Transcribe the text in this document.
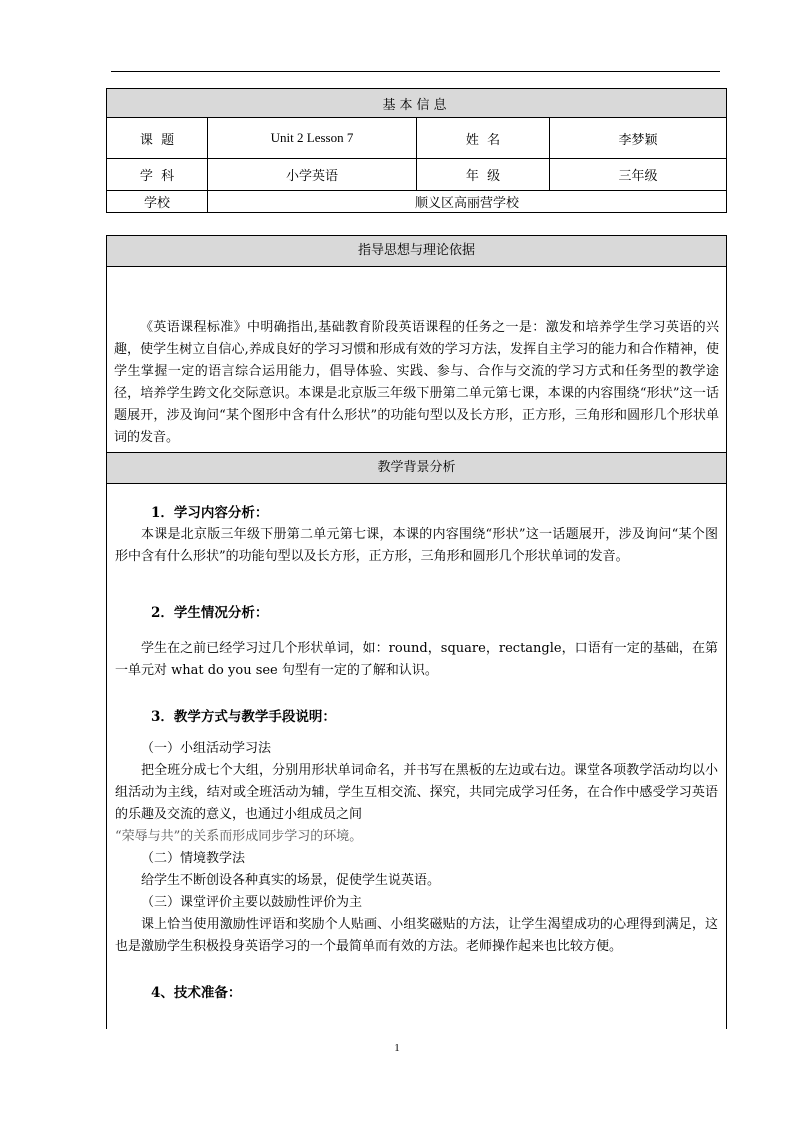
基本信息			
课  题	Unit 2 Lesson 7	姓  名	李梦颖
学  科	小学英语	年  级	三年级
学校	顺义区高丽营学校		
指导思想与理论依据

《英语课程标准》中明确指出,基础教育阶段英语课程的任务之一是：激发和培养学生学习英语的兴趣，使学生树立自信心,养成良好的学习习惯和形成有效的学习方法，发挥自主学习的能力和合作精神，使学生掌握一定的语言综合运用能力，倡导体验、实践、参与、合作与交流的学习方式和任务型的教学途径，培养学生跨文化交际意识。本课是北京版三年级下册第二单元第七课，本课的内容围绕“形状”这一话题展开，涉及询问“某个图形中含有什么形状”的功能句型以及长方形，正方形，三角形和圆形几个形状单词的发音。

教学背景分析

1．学习内容分析：

本课是北京版三年级下册第二单元第七课，本课的内容围绕“形状”这一话题展开，涉及询问“某个图形中含有什么形状”的功能句型以及长方形，正方形，三角形和圆形几个形状单词的发音。

2．学生情况分析：

学生在之前已经学习过几个形状单词，如：round，square，rectangle，口语有一定的基础，在第一单元对 what do you see 句型有一定的了解和认识。

3．教学方式与教学手段说明：

（一）小组活动学习法

把全班分成七个大组，分别用形状单词命名，并书写在黑板的左边或右边。课堂各项教学活动均以小组活动为主线，结对或全班活动为辅，学生互相交流、探究，共同完成学习任务，在合作中感受学习英语的乐趣及交流的意义，也通过小组成员之间
“荣辱与共”的关系而形成同步学习的环境。

（二）情境教学法

给学生不断创设各种真实的场景，促使学生说英语。

（三）课堂评价主要以鼓励性评价为主

课上恰当使用激励性评语和奖励个人贴画、小组奖磁贴的方法，让学生渴望成功的心理得到满足，这也是激励学生积极投身英语学习的一个最简单而有效的方法。老师操作起来也比较方便。

4、技术准备：

1
